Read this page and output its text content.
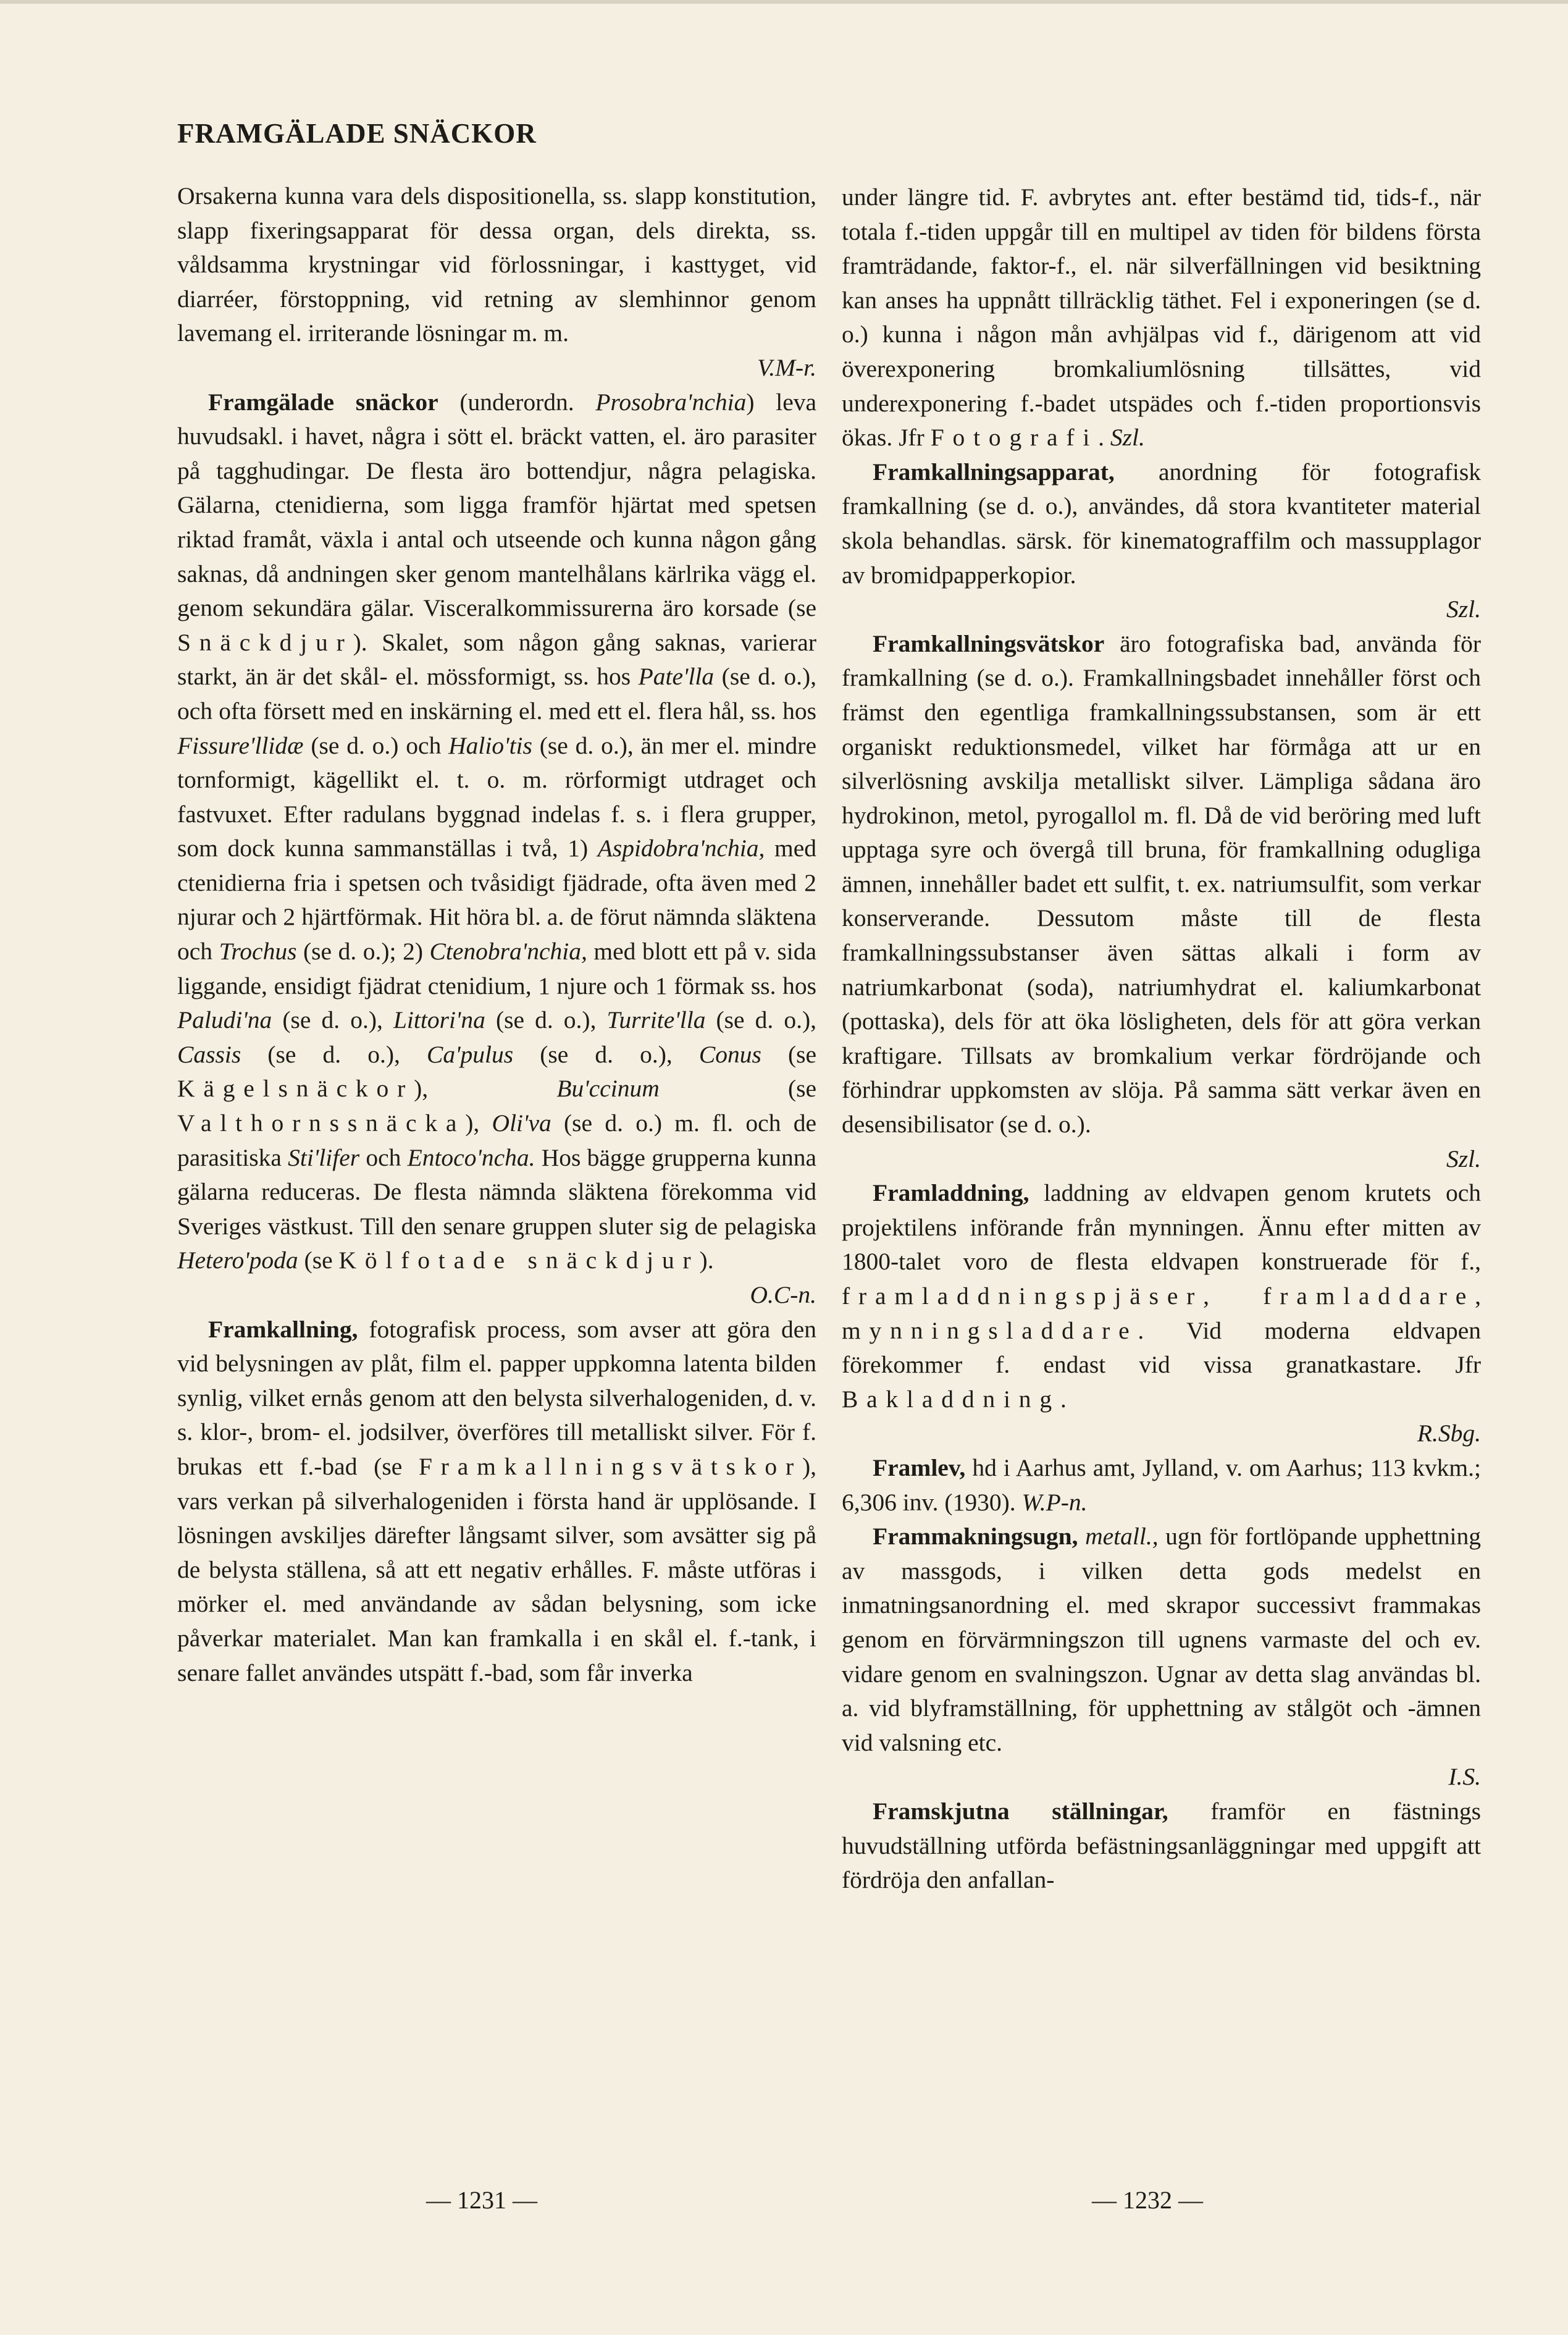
FRAMGÄLADE SNÄCKOR

Orsakerna kunna vara dels dispositionella, ss. slapp konstitution, slapp fixeringsapparat för dessa organ, dels direkta, ss. våldsamma krystningar vid förlossningar, i kasttyget, vid diarréer, förstoppning, vid retning av slemhinnor genom lavemang el. irriterande lösningar m. m.
V.M-r.

Framgälade snäckor (underordn. Prosobra'nchia) leva huvudsakl. i havet, några i sött el. bräckt vatten, el. äro parasiter på tagghudingar. De flesta äro bottendjur, några pelagiska. Gälarna, ctenidierna, som ligga framför hjärtat med spetsen riktad framåt, växla i antal och utseende och kunna någon gång saknas, då andningen sker genom mantelhålans kärlrika vägg el. genom sekundära gälar. Visceralkommissurerna äro korsade (se Snäckdjur). Skalet, som någon gång saknas, varierar starkt, än är det skål- el. mössformigt, ss. hos Pate'lla (se d. o.), och ofta försett med en inskärning el. med ett el. flera hål, ss. hos Fissure'llidæ (se d. o.) och Halio'tis (se d. o.), än mer el. mindre tornformigt, kägellikt el. t. o. m. rörformigt utdraget och fastvuxet. Efter radulans byggnad indelas f. s. i flera grupper, som dock kunna sammanställas i två, 1) Aspidobra'nchia, med ctenidierna fria i spetsen och tvåsidigt fjädrade, ofta även med 2 njurar och 2 hjärtförmak. Hit höra bl. a. de förut nämnda släktena och Trochus (se d. o.); 2) Ctenobra'nchia, med blott ett på v. sida liggande, ensidigt fjädrat ctenidium, 1 njure och 1 förmak ss. hos Paludi'na (se d. o.), Littori'na (se d. o.), Turrite'lla (se d. o.), Cassis (se d. o.), Ca'pulus (se d. o.), Conus (se Kägelsnäckor),	Bu'ccinum	(se Valthornssnäcka), Oli'va (se d. o.) m. fl. och de parasitiska Sti'lifer och Entoco'ncha. Hos bägge grupperna kunna gälarna reduceras. De flesta nämnda släktena förekomma vid Sveriges västkust. Till den senare gruppen sluter sig de pelagiska Hetero'poda (se Kölfotade snäckdjur).
O.C-n.

Framkallning, fotografisk process, som avser att göra den vid belysningen av plåt, film el. papper uppkomna latenta bilden synlig, vilket ernås genom att den belysta silverhalogeniden, d. v. s. klor-, brom- el. jodsilver, överföres till metalliskt silver. För f. brukas ett f.-bad (se Framkallningsvätskor), vars verkan på silverhalogeniden i första hand är upplösande. I lösningen avskiljes därefter långsamt silver, som avsätter sig på de belysta ställena, så att ett negativ erhålles. F. måste utföras i mörker el. med användande av sådan belysning, som icke påverkar materialet. Man kan framkalla i en skål el. f.-tank, i senare fallet användes utspätt f.-bad, som får inverka

under längre tid. F. avbrytes ant. efter bestämd tid, tids-f., när totala f.-tiden uppgår till en multipel av tiden för bildens första framträdande, faktor-f., el. när silverfällningen vid besiktning kan anses ha uppnått tillräcklig täthet. Fel i exponeringen (se d. o.) kunna i någon mån avhjälpas vid f., därigenom att vid överexponering bromkaliumlösning tillsättes, vid underexponering f.-badet utspädes och f.-tiden proportionsvis ökas. Jfr Fotografi. Szl.

Framkallningsapparat, anordning för fotografisk framkallning (se d. o.), användes, då stora kvantiteter material skola behandlas. särsk. för kinematograffilm och massupplagor av bromidpapperkopior.
Szl.

Framkallningsvätskor äro fotografiska bad, använda för framkallning (se d. o.). Framkallningsbadet innehåller först och främst den egentliga framkallningssubstansen, som är ett organiskt reduktionsmedel, vilket har förmåga att ur en silverlösning avskilja metalliskt silver. Lämpliga sådana äro hydrokinon, metol, pyrogallol m. fl. Då de vid beröring med luft upptaga syre och övergå till bruna, för framkallning odugliga ämnen, innehåller badet ett sulfit, t. ex. natriumsulfit, som verkar konserverande. Dessutom måste till de flesta framkallningssubstanser även sättas alkali i form av natriumkarbonat (soda), natriumhydrat el. kaliumkarbonat (pottaska), dels för att öka lösligheten, dels för att göra verkan kraftigare. Tillsats av bromkalium verkar fördröjande och förhindrar uppkomsten av slöja. På samma sätt verkar även en desensibilisator (se d. o.).
Szl.

Framladdning, laddning av eldvapen genom krutets och projektilens införande från mynningen. Ännu efter mitten av 1800-talet voro de flesta eldvapen konstruerade för f., framladdningspjäser, framladdare, mynningsladdare. Vid moderna eldvapen förekommer f. endast vid vissa granatkastare. Jfr Bakladdning.
R.Sbg.

Framlev, hd i Aarhus amt, Jylland, v. om Aarhus; 113 kvkm.; 6,306 inv. (1930). W.P-n.

Frammakningsugn, metall., ugn för fortlöpande upphettning av massgods, i vilken detta gods medelst en inmatningsanordning el. med skrapor successivt frammakas genom en förvärmningszon till ugnens varmaste del och ev. vidare genom en svalningszon. Ugnar av detta slag användas bl. a. vid blyframställning, för upphettning av stålgöt och -ämnen vid valsning etc.
I.S.

Framskjutna ställningar, framför en fästnings huvudställning utförda befästningsanläggningar med uppgift att fördröja den anfallan-

— 1231 —	— 1232 —
